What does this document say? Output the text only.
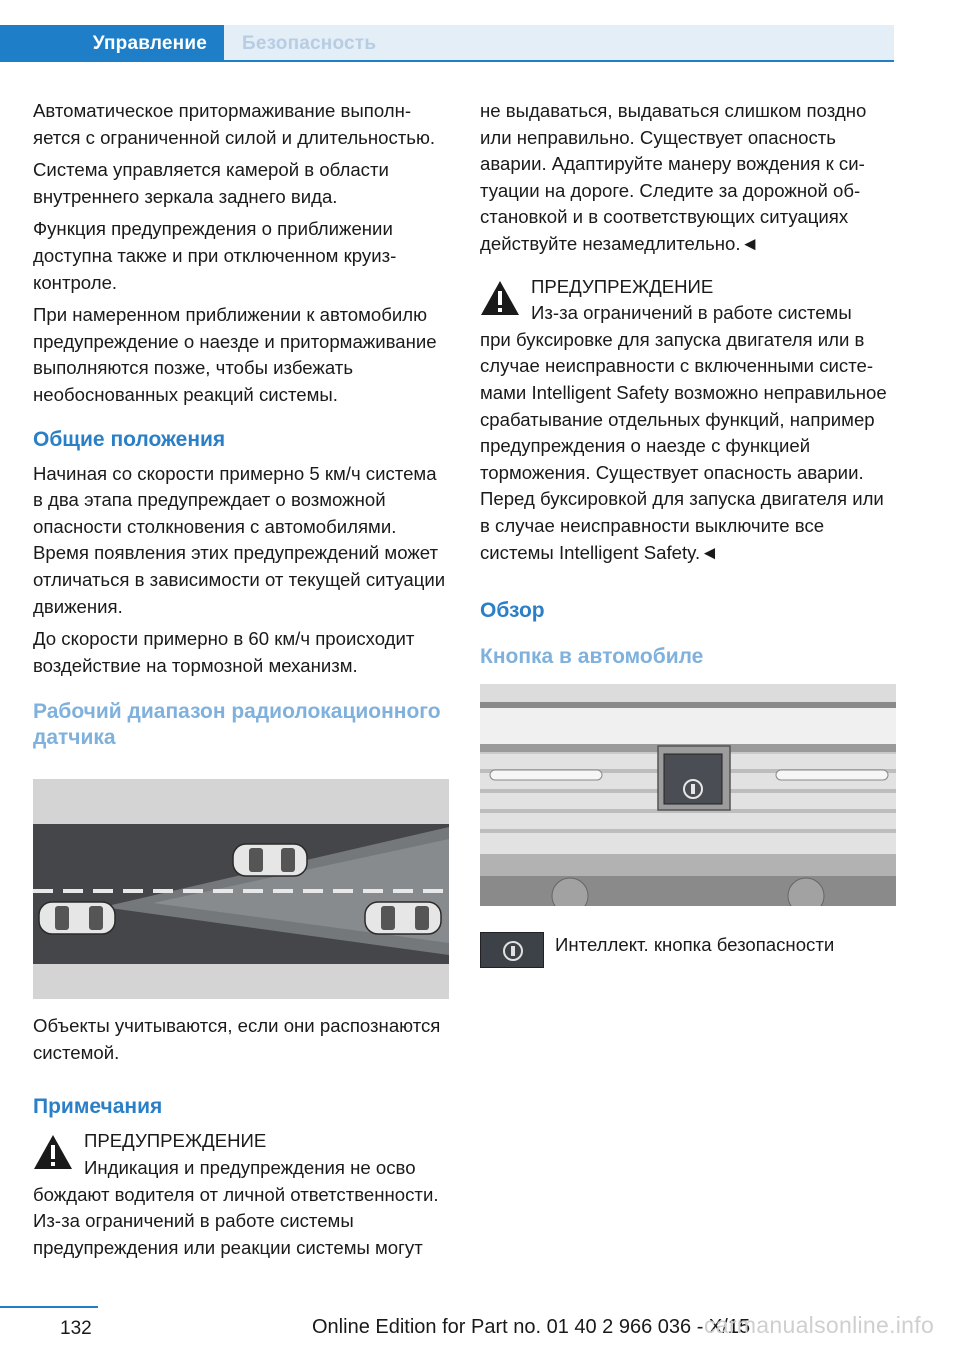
Управление	Безопасность

Автоматическое притормаживание выполняется с ограниченной силой и длительностью.

Система управляется камерой в области внутреннего зеркала заднего вида.

Функция предупреждения о приближении доступна также и при отключенном круиз-контроле.

При намеренном приближении к автомобилю предупреждение о наезде и притормаживание выполняются позже, чтобы избежать необоснованных реакций системы.

Общие положения

Начиная со скорости примерно 5 км/ч система в два этапа предупреждает о возможной опасности столкновения с автомобилями. Время появления этих предупреждений может отличаться в зависимости от текущей ситуации движения.

До скорости примерно в 60 км/ч происходит воздействие на тормозной механизм.

Рабочий диапазон радиолокационного датчика

Объекты учитываются, если они распознаются системой.

Примечания
ПРЕДУПРЕЖДЕНИЕ
Индикация и предупреждения не осво
бождают водителя от личной ответственности. Из-за ограничений в работе системы предупреждения или реакции системы могут

не выдаваться, выдаваться слишком поздно или неправильно. Существует опасность аварии. Адаптируйте манеру вождения к ситуации на дороге. Следите за дорожной обстановкой и в соответствующих ситуациях действуйте незамедлительно.◄

ПРЕДУПРЕЖДЕНИЕ
Из-за ограничений в работе системы
при буксировке для запуска двигателя или в случае неисправности с включенными системами Intelligent Safety возможно неправильное срабатывание отдельных функций, например предупреждения о наезде с функцией торможения. Существует опасность аварии. Перед буксировкой для запуска двигателя или в случае неисправности выключите все системы Intelligent Safety.◄
Обзор
Кнопка в автомобиле
Интеллект. кнопка безопасности
132	Online Edition for Part no. 01 40 2 966 036 - X/15
carmanualsonline.info
